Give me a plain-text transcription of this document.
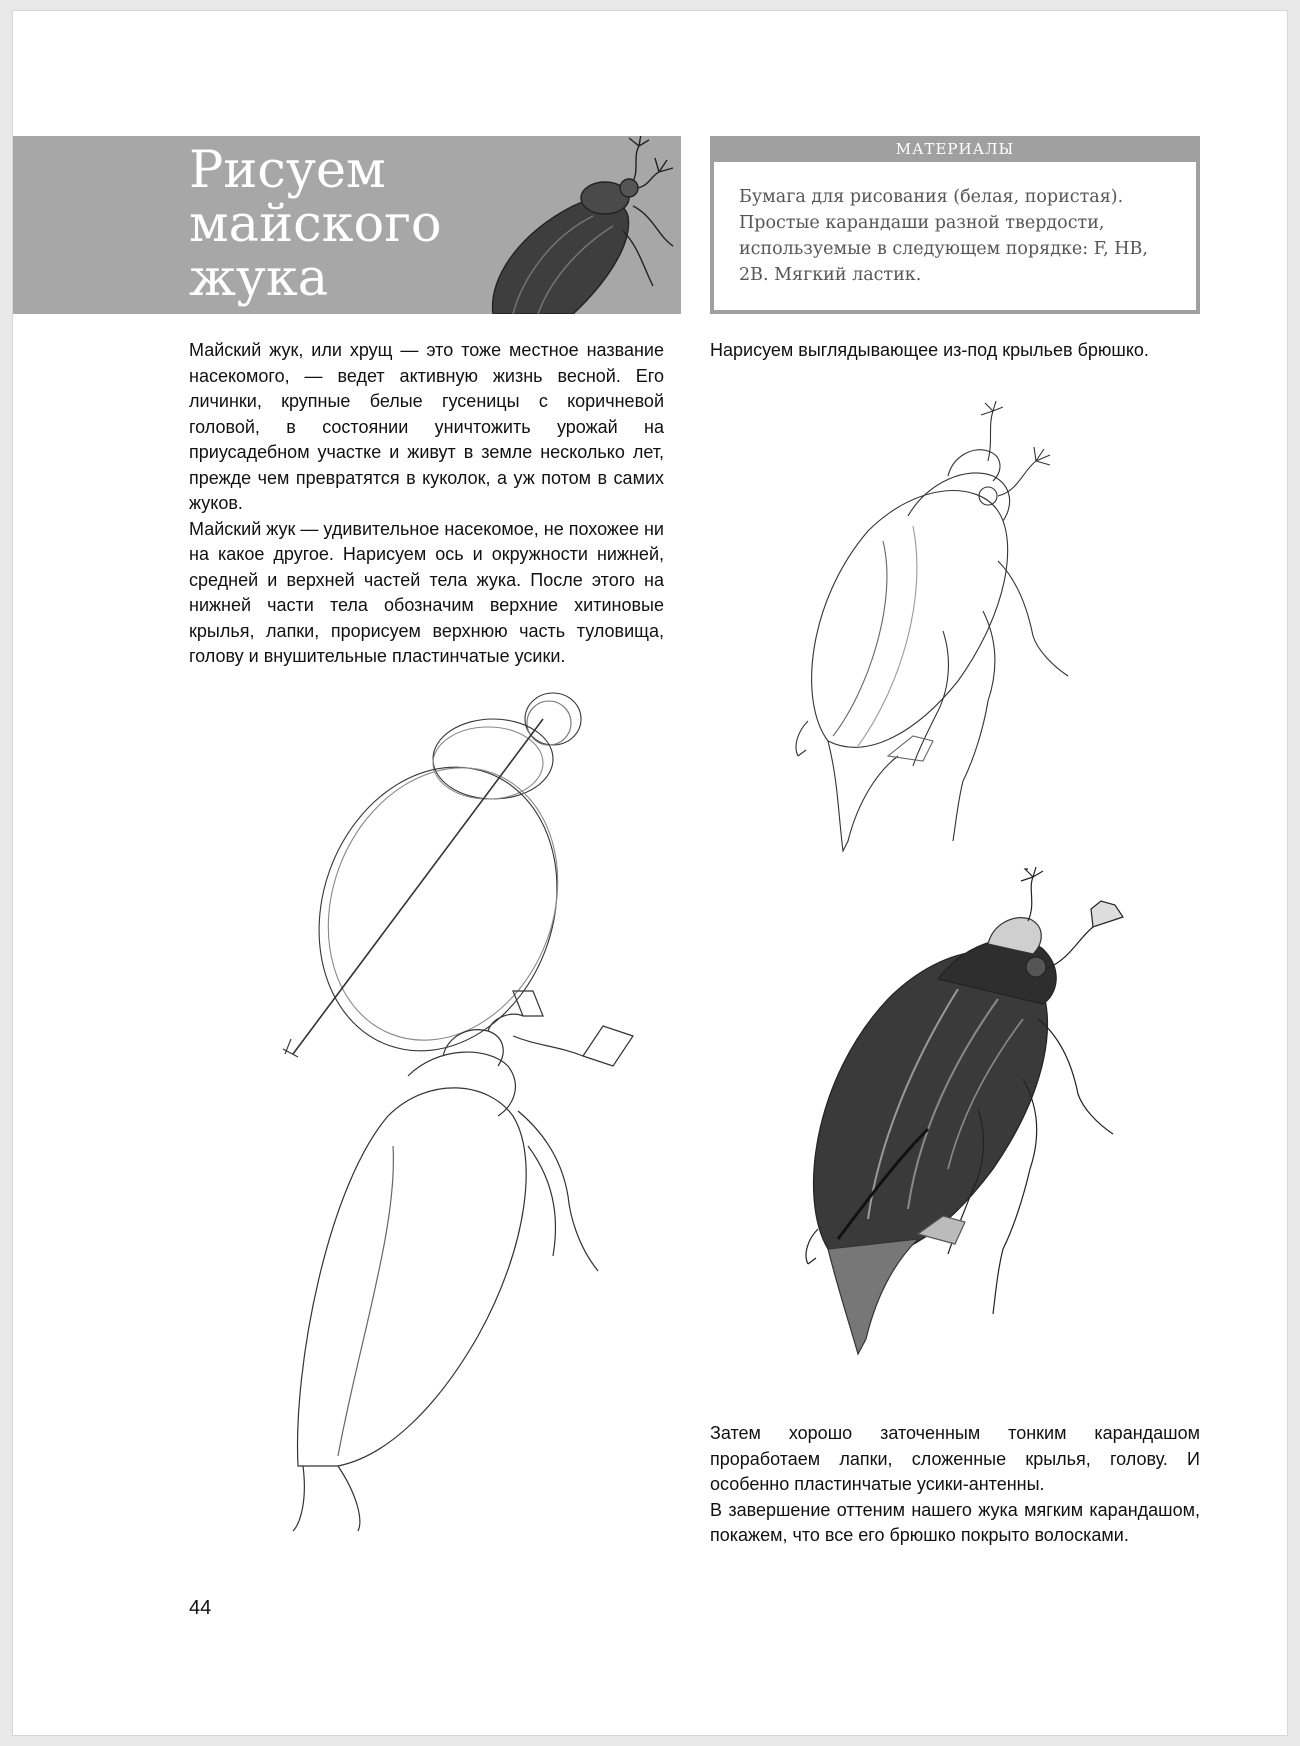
Рисуем
майского
жука
МАТЕРИАЛЫ
Бумага для рисования (белая, пористая). Простые карандаши разной твердости, используемые в следующем порядке: F, HB, 2B. Мягкий ластик.

Майский жук, или хрущ — это тоже местное название насекомого, — ведет активную жизнь весной. Его личинки, крупные белые гусеницы с коричневой головой, в состоянии уничтожить урожай на приусадебном участке и живут в земле несколько лет, прежде чем превратятся в куколок, а уж потом в самих жуков.

Майский жук — удивительное насекомое, не похожее ни на какое другое. Нарисуем ось и окружности нижней, средней и верхней частей тела жука. После этого на нижней части тела обозначим верхние хитиновые крылья, лапки, прорисуем верхнюю часть туловища, голову и внушительные пластинчатые усики.

Нарисуем выглядывающее из-под крыльев брюшко.

Затем хорошо заточенным тонким карандашом проработаем лапки, сложенные крылья, голову. И особенно пластинчатые усики-антенны.

В завершение оттеним нашего жука мягким карандашом, покажем, что все его брюшко покрыто волосками.

44
